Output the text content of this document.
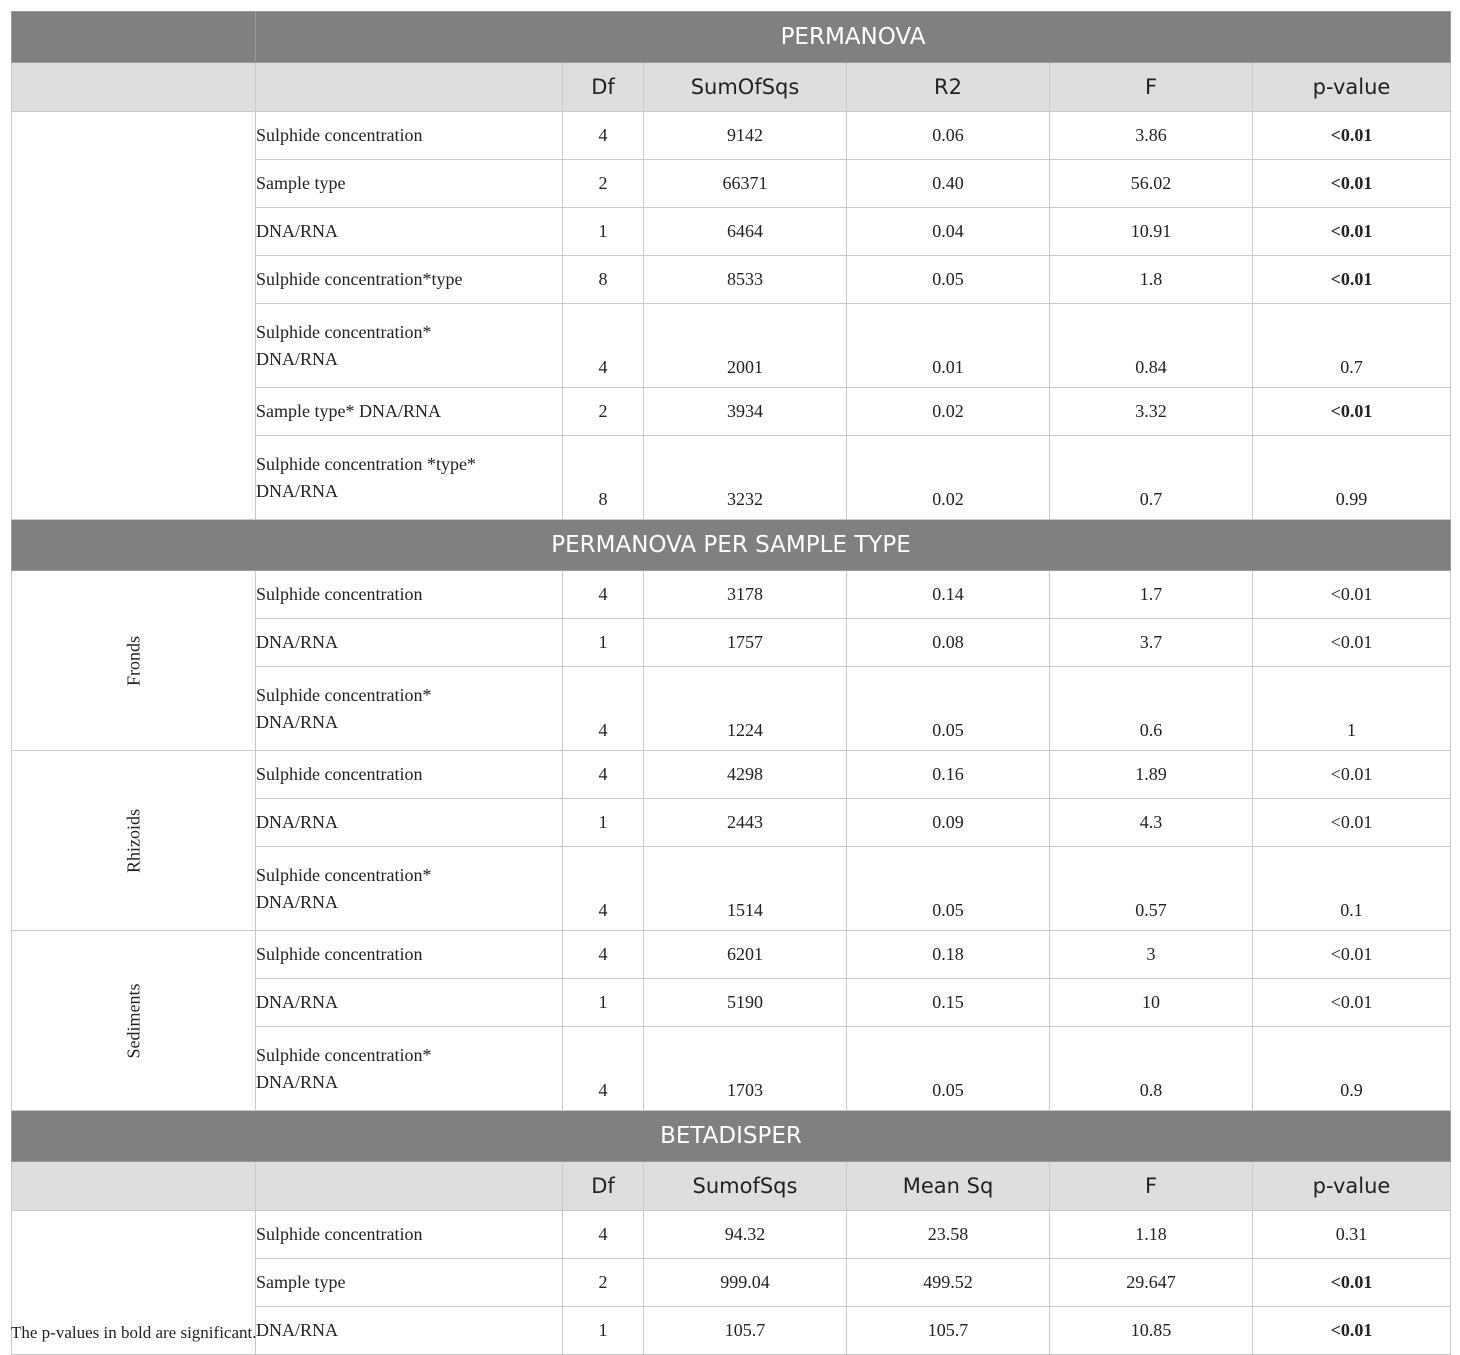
	PERMANOVA					
		Df	SumOfSqs	R2	F	p-value
	Sulphide concentration	4	9142	0.06	3.86	<0.01
	Sample type	2	66371	0.40	56.02	<0.01
	DNA/RNA	1	6464	0.04	10.91	<0.01
	Sulphide concentration*type	8	8533	0.05	1.8	<0.01
	Sulphide concentration*
DNA/RNA	4	2001	0.01	0.84	0.7
	Sample type* DNA/RNA	2	3934	0.02	3.32	<0.01
	Sulphide concentration *type*
DNA/RNA	8	3232	0.02	0.7	0.99
PERMANOVA PER SAMPLE TYPE						

Fronds	Sulphide concentration	4	3178	0.14	1.7	<0.01
	DNA/RNA	1	1757	0.08	3.7	<0.01
	Sulphide concentration*
DNA/RNA	4	1224	0.05	0.6	1

Rhizoids	Sulphide concentration	4	4298	0.16	1.89	<0.01
	DNA/RNA	1	2443	0.09	4.3	<0.01
	Sulphide concentration*
DNA/RNA	4	1514	0.05	0.57	0.1

Sediments	Sulphide concentration	4	6201	0.18	3	<0.01
	DNA/RNA	1	5190	0.15	10	<0.01
	Sulphide concentration*
DNA/RNA	4	1703	0.05	0.8	0.9
BETADISPER						
		Df	SumofSqs	Mean Sq	F	p-value
	Sulphide concentration	4	94.32	23.58	1.18	0.31
	Sample type	2	999.04	499.52	29.647	<0.01
	DNA/RNA	1	105.7	105.7	10.85	<0.01
The p-values in bold are significant.
